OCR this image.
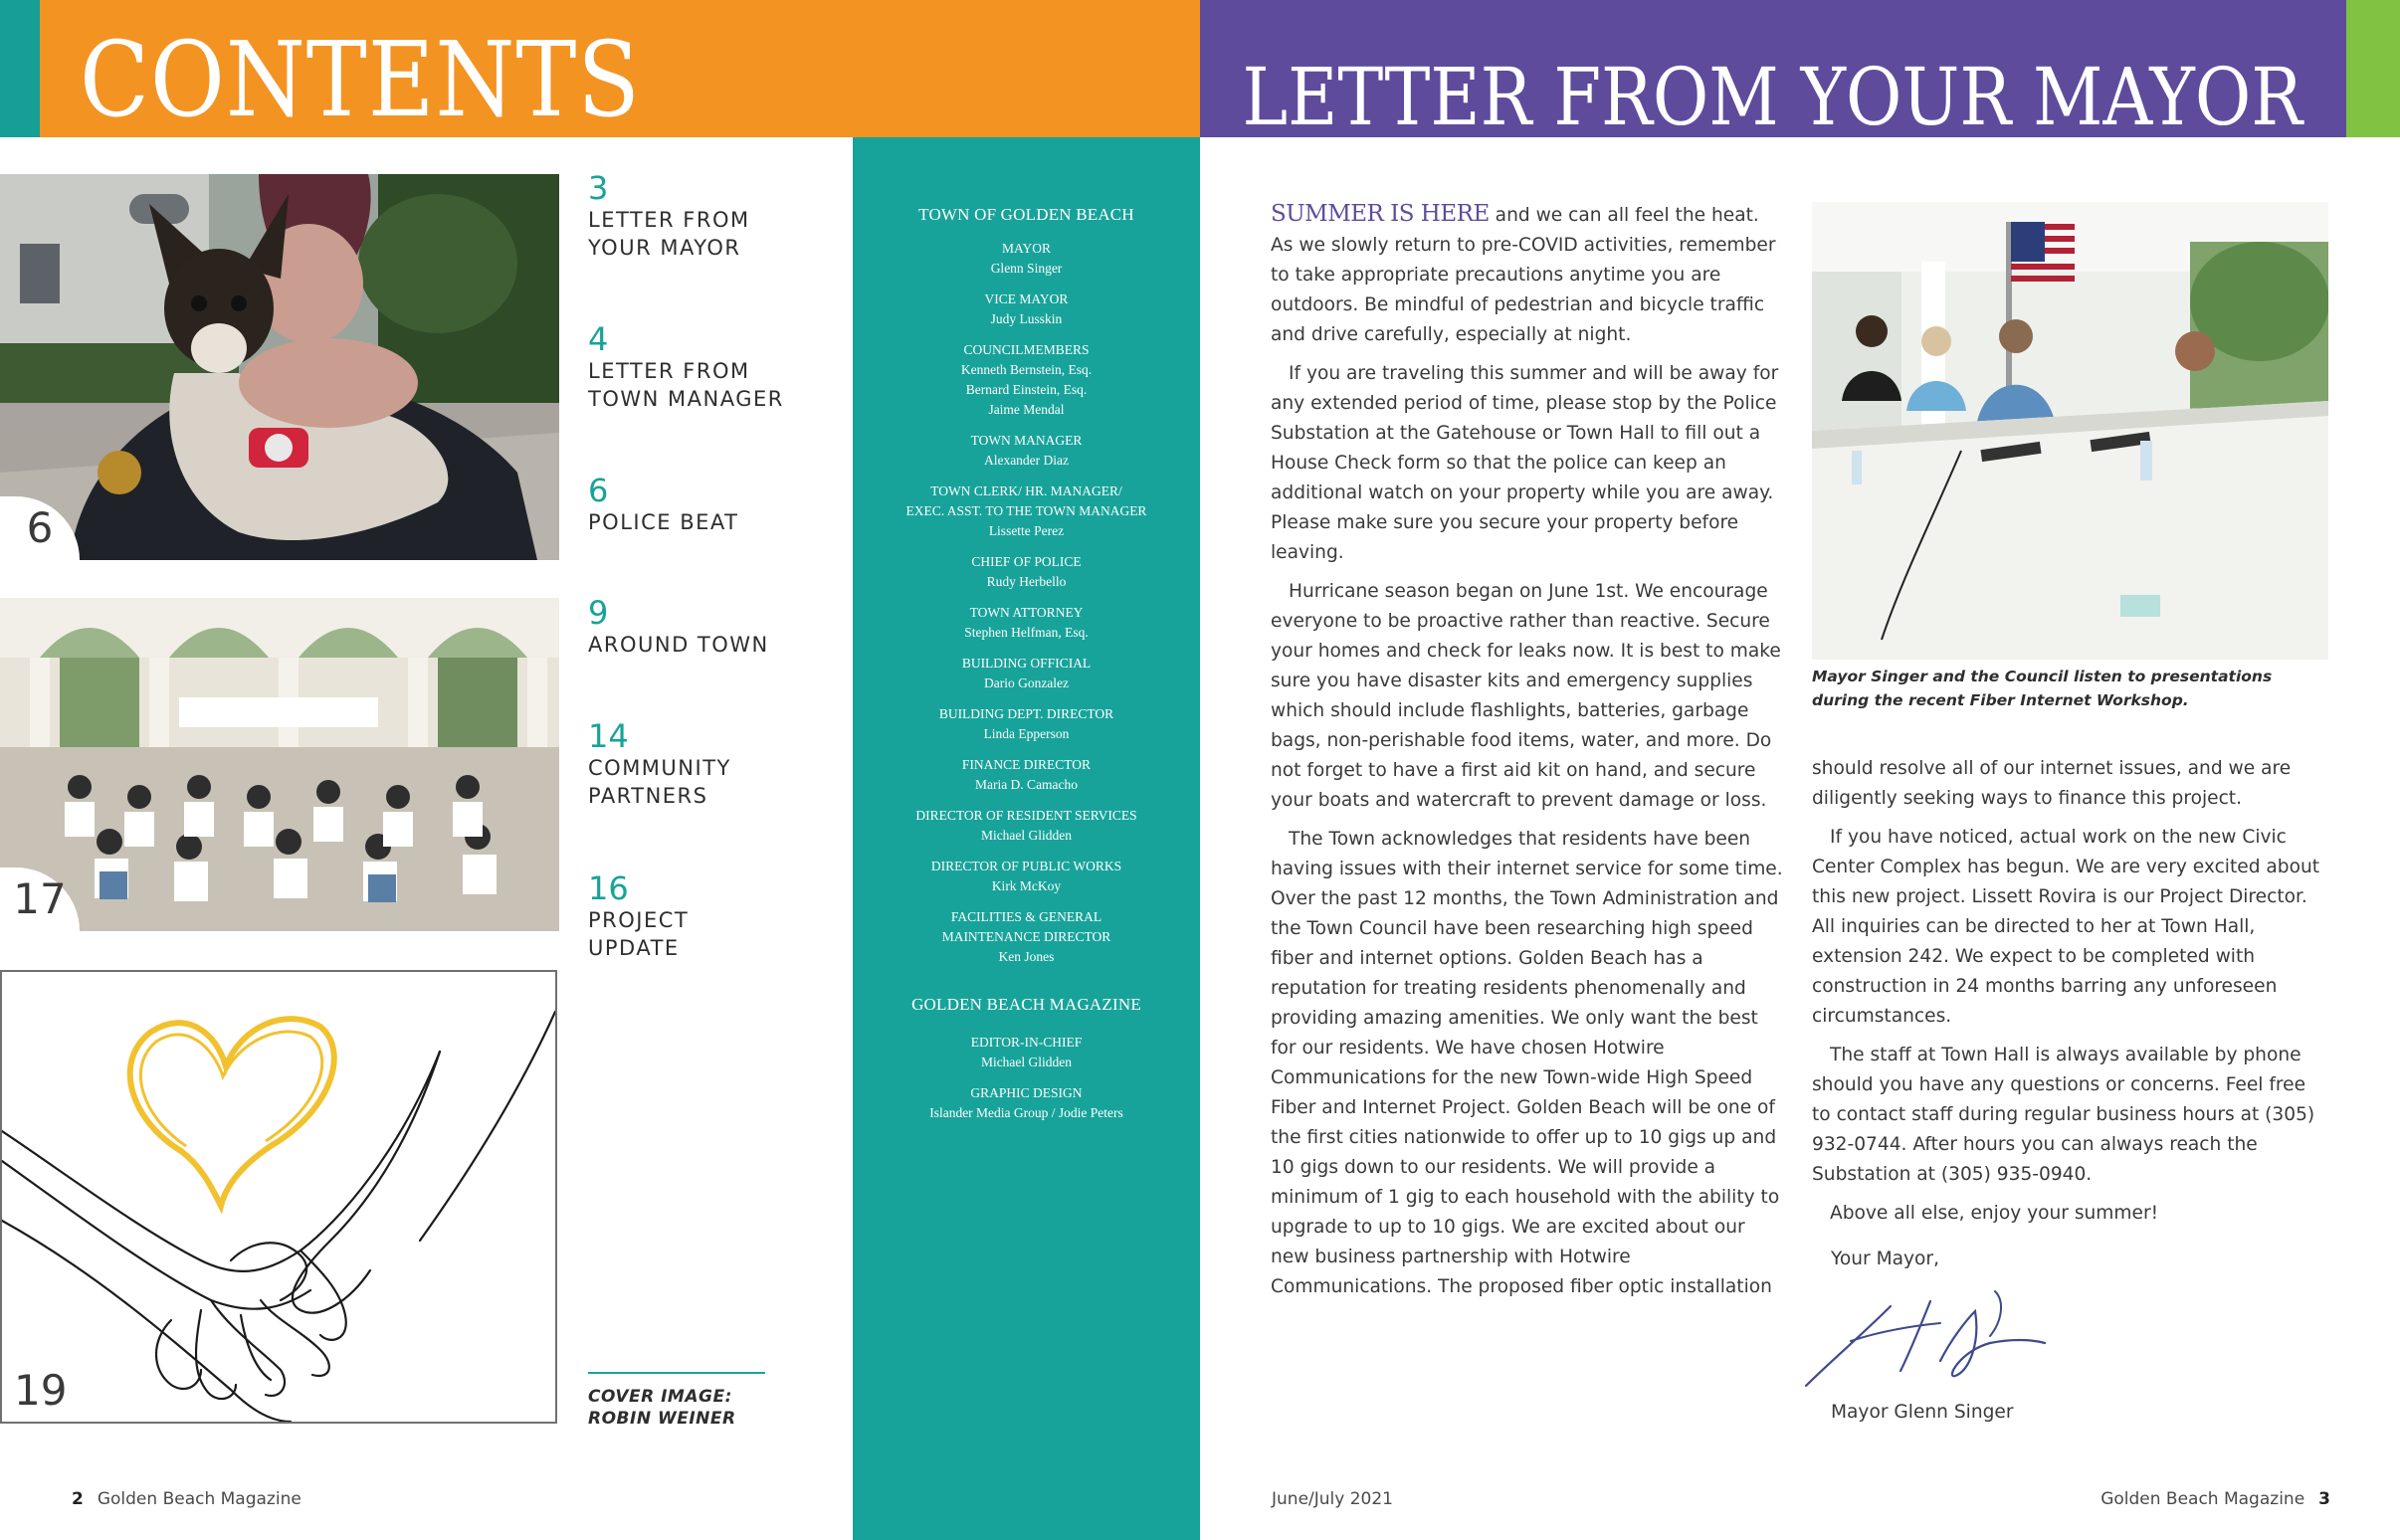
CONTENTS
6
17
19
3
LETTER FROM
YOUR MAYOR
4
LETTER FROM
TOWN MANAGER
6
POLICE BEAT
9
AROUND TOWN
14
COMMUNITY
PARTNERS
16
PROJECT
UPDATE
COVER IMAGE:
ROBIN WEINER
2 Golden Beach Magazine
TOWN OF GOLDEN BEACH
MAYOR
Glenn Singer
VICE MAYOR
Judy Lusskin
COUNCILMEMBERS
Kenneth Bernstein, Esq.
Bernard Einstein, Esq.
Jaime Mendal
TOWN MANAGER
Alexander Diaz
TOWN CLERK/ HR. MANAGER/
EXEC. ASST. TO THE TOWN MANAGER
Lissette Perez
CHIEF OF POLICE
Rudy Herbello
TOWN ATTORNEY
Stephen Helfman, Esq.
BUILDING OFFICIAL
Dario Gonzalez
BUILDING DEPT. DIRECTOR
Linda Epperson
FINANCE DIRECTOR
Maria D. Camacho
DIRECTOR OF RESIDENT SERVICES
Michael Glidden
DIRECTOR OF PUBLIC WORKS
Kirk McKoy
FACILITIES & GENERAL
MAINTENANCE DIRECTOR
Ken Jones
GOLDEN BEACH MAGAZINE
EDITOR-IN-CHIEF
Michael Glidden
GRAPHIC DESIGN
Islander Media Group / Jodie Peters
LETTER FROM YOUR MAYOR

SUMMER IS HERE and we can all feel the heat. As we slowly return to pre-COVID activities, remember to take appropriate precautions anytime you are outdoors. Be mindful of pedestrian and bicycle traffic and drive carefully, especially at night.

If you are traveling this summer and will be away for any extended period of time, please stop by the Police Substation at the Gatehouse or Town Hall to fill out a House Check form so that the police can keep an additional watch on your property while you are away. Please make sure you secure your property before leaving.

Hurricane season began on June 1st. We encourage everyone to be proactive rather than reactive. Secure your homes and check for leaks now. It is best to make sure you have disaster kits and emergency supplies which should include flashlights, batteries, garbage bags, non-perishable food items, water, and more. Do not forget to have a first aid kit on hand, and secure your boats and watercraft to prevent damage or loss.

The Town acknowledges that residents have been having issues with their internet service for some time. Over the past 12 months, the Town Administration and the Town Council have been researching high speed fiber and internet options. Golden Beach has a reputation for treating residents phenomenally and providing amazing amenities. We only want the best for our residents. We have chosen Hotwire Communications for the new Town-wide High Speed Fiber and Internet Project. Golden Beach will be one of the first cities nationwide to offer up to 10 gigs up and 10 gigs down to our residents. We will provide a minimum of 1 gig to each household with the ability to upgrade to up to 10 gigs. We are excited about our new business partnership with Hotwire Communications. The proposed fiber optic installation

Mayor Singer and the Council listen to presentations during the recent Fiber Internet Workshop.

should resolve all of our internet issues, and we are diligently seeking ways to finance this project.

If you have noticed, actual work on the new Civic Center Complex has begun. We are very excited about this new project. Lissett Rovira is our Project Director. All inquiries can be directed to her at Town Hall, extension 242. We expect to be completed with construction in 24 months barring any unforeseen circumstances.

The staff at Town Hall is always available by phone should you have any questions or concerns. Feel free to contact staff during regular business hours at (305) 932-0744. After hours you can always reach the Substation at (305) 935-0940.

Above all else, enjoy your summer!

Your Mayor,
Mayor Glenn Singer
June/July 2021	Golden Beach Magazine 3
